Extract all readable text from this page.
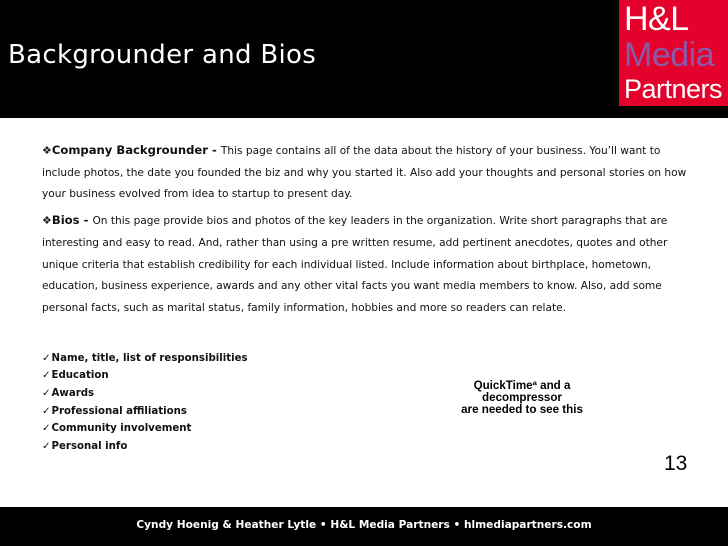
Backgrounder and Bios
H&L
Media
Partners

❖Company Backgrounder - This page contains all of the data about the history of your business. You’ll want to include photos, the date you founded the biz and why you started it. Also add your thoughts and personal stories on how your business evolved from idea to startup to present day.

❖Bios - On this page provide bios and photos of the key leaders in the organization. Write short paragraphs that are interesting and easy to read. And, rather than using a pre written resume, add pertinent anecdotes, quotes and other unique criteria that establish credibility for each individual listed. Include information about birthplace, hometown, education, business experience, awards and any other vital facts you want media members to know. Also, add some personal facts, such as marital status, family information, hobbies and more so readers can relate.

✓Name, title, list of responsibilities
✓Education
✓Awards
✓Professional affiliations
✓Community involvement
✓Personal info
QuickTimeª and a
decompressor
are needed to see this
13
Cyndy Hoenig & Heather Lytle • H&L Media Partners • hlmediapartners.com
